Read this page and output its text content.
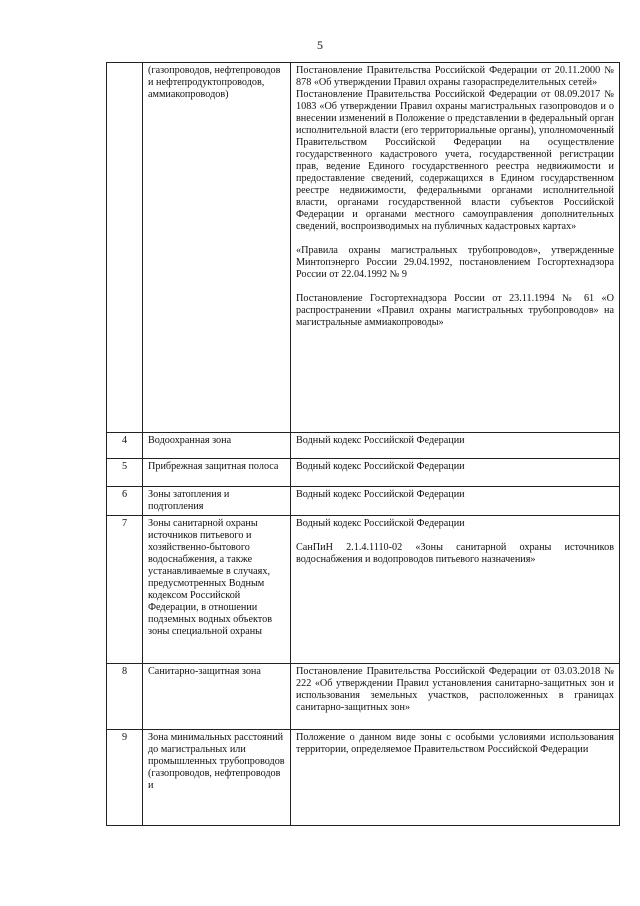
5
	(газопроводов, нефтепроводов и нефтепродуктопроводов, аммиакопроводов)	Постановление Правительства Российской Федерации от 20.11.2000 № 878 «Об утверждении Правил охраны газораспределительных сетей»

Постановление Правительства Российской Федерации от 08.09.2017 № 1083 «Об утверждении Правил охраны магистральных газопроводов и о внесении изменений в Положение о представлении в федеральный орган исполнительной власти (его территориальные органы), уполномоченный Правительством Российской Федерации на осуществление государственного кадастрового учета, государственной регистрации прав, ведение Единого государственного реестра недвижимости и предоставление сведений, содержащихся в Едином государственном реестре недвижимости, федеральными органами исполнительной власти, органами государственной власти субъектов Российской Федерации и органами местного самоуправления дополнительных сведений, воспроизводимых на публичных кадастровых картах»

«Правила охраны магистральных трубопроводов», утвержденные Минтопэнерго России 29.04.1992, постановлением Госгортехнадзора России от 22.04.1992 № 9

Постановление Госгортехнадзора России от 23.11.1994 № 61 «О распространении «Правил охраны магистральных трубопроводов» на магистральные аммиакопроводы»

4	Водоохранная зона	Водный кодекс Российской Федерации

5	Прибрежная защитная полоса	Водный кодекс Российской Федерации

6	Зоны затопления и подтопления	Водный кодекс Российской Федерации

7	Зоны санитарной охраны источников питьевого и хозяйственно-бытового водоснабжения, а также устанавливаемые в случаях, предусмотренных Водным кодексом Российской Федерации, в отношении подземных водных объектов зоны специальной охраны	Водный кодекс Российской Федерации

СанПиН 2.1.4.1110-02 «Зоны санитарной охраны источников водоснабжения и водопроводов питьевого назначения»

8	Санитарно-защитная зона	Постановление Правительства Российской Федерации от 03.03.2018 № 222 «Об утверждении Правил установления санитарно-защитных зон и использования земельных участков, расположенных в границах санитарно-защитных зон»

9	Зона минимальных расстояний до магистральных или промышленных трубопроводов (газопроводов, нефтепроводов и	Положение о данном виде зоны с особыми условиями использования территории, определяемое Правительством Российской Федерации
